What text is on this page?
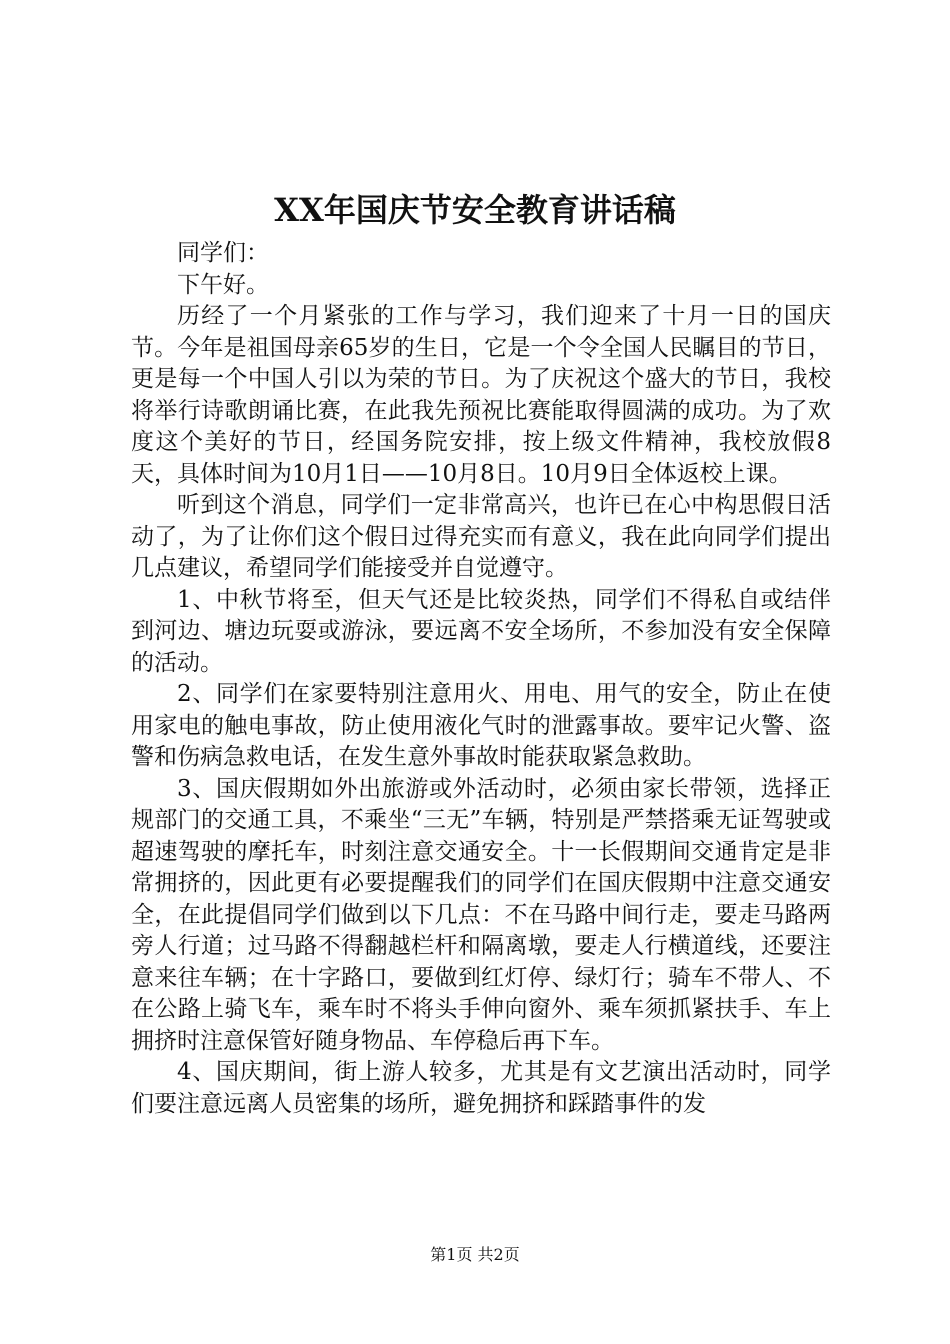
XX年国庆节安全教育讲话稿

同学们：

下午好。

历经了一个月紧张的工作与学习，我们迎来了十月一日的国庆节。今年是祖国母亲65岁的生日，它是一个令全国人民瞩目的节日，更是每一个中国人引以为荣的节日。为了庆祝这个盛大的节日，我校将举行诗歌朗诵比赛，在此我先预祝比赛能取得圆满的成功。为了欢度这个美好的节日，经国务院安排，按上级文件精神，我校放假8天，具体时间为10月1日——10月8日。10月9日全体返校上课。

听到这个消息，同学们一定非常高兴，也许已在心中构思假日活动了，为了让你们这个假日过得充实而有意义，我在此向同学们提出几点建议，希望同学们能接受并自觉遵守。

1、中秋节将至，但天气还是比较炎热，同学们不得私自或结伴到河边、塘边玩耍或游泳，要远离不安全场所，不参加没有安全保障的活动。

2、同学们在家要特别注意用火、用电、用气的安全，防止在使用家电的触电事故，防止使用液化气时的泄露事故。要牢记火警、盗警和伤病急救电话，在发生意外事故时能获取紧急救助。

3、国庆假期如外出旅游或外活动时，必须由家长带领，选择正规部门的交通工具，不乘坐“三无”车辆，特别是严禁搭乘无证驾驶或超速驾驶的摩托车，时刻注意交通安全。十一长假期间交通肯定是非常拥挤的，因此更有必要提醒我们的同学们在国庆假期中注意交通安全，在此提倡同学们做到以下几点：不在马路中间行走，要走马路两旁人行道；过马路不得翻越栏杆和隔离墩，要走人行横道线，还要注意来往车辆；在十字路口，要做到红灯停、绿灯行；骑车不带人、不在公路上骑飞车，乘车时不将头手伸向窗外、乘车须抓紧扶手、车上拥挤时注意保管好随身物品、车停稳后再下车。

4、国庆期间，街上游人较多，尤其是有文艺演出活动时，同学们要注意远离人员密集的场所，避免拥挤和踩踏事件的发

第1页 共2页
